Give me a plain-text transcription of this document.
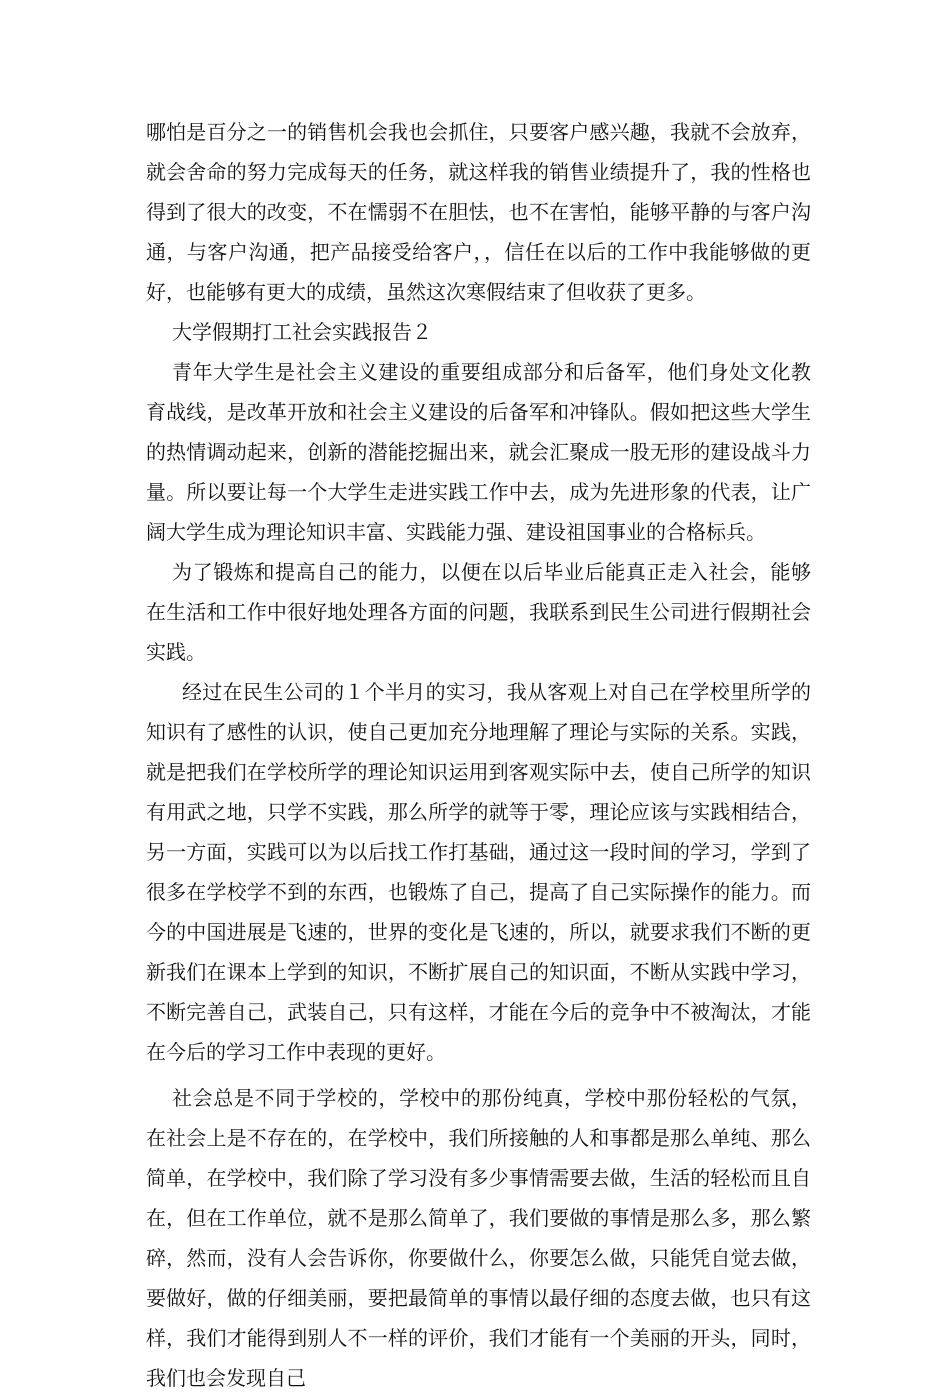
哪怕是百分之一的销售机会我也会抓住，只要客户感兴趣，我就不会放弃，就会舍命的努力完成每天的任务，就这样我的销售业绩提升了，我的性格也得到了很大的改变，不在懦弱不在胆怯，也不在害怕，能够平静的与客户沟通，与客户沟通，把产品接受给客户，，信任在以后的工作中我能够做的更好，也能够有更大的成绩，虽然这次寒假结束了但收获了更多。

大学假期打工社会实践报告２

青年大学生是社会主义建设的重要组成部分和后备军，他们身处文化教育战线，是改革开放和社会主义建设的后备军和冲锋队。假如把这些大学生的热情调动起来，创新的潜能挖掘出来，就会汇聚成一股无形的建设战斗力量。所以要让每一个大学生走进实践工作中去，成为先进形象的代表，让广阔大学生成为理论知识丰富、实践能力强、建设祖国事业的合格标兵。

为了锻炼和提高自己的能力，以便在以后毕业后能真正走入社会，能够在生活和工作中很好地处理各方面的问题，我联系到民生公司进行假期社会实践。

经过在民生公司的１个半月的实习，我从客观上对自己在学校里所学的知识有了感性的认识，使自己更加充分地理解了理论与实际的关系。实践，就是把我们在学校所学的理论知识运用到客观实际中去，使自己所学的知识有用武之地，只学不实践，那么所学的就等于零，理论应该与实践相结合，另一方面，实践可以为以后找工作打基础，通过这一段时间的学习，学到了很多在学校学不到的东西，也锻炼了自己，提高了自己实际操作的能力。而今的中国进展是飞速的，世界的变化是飞速的，所以，就要求我们不断的更新我们在课本上学到的知识，不断扩展自己的知识面，不断从实践中学习，不断完善自己，武装自己，只有这样，才能在今后的竞争中不被淘汰，才能在今后的学习工作中表现的更好。

社会总是不同于学校的，学校中的那份纯真，学校中那份轻松的气氛，在社会上是不存在的，在学校中，我们所接触的人和事都是那么单纯、那么简单，在学校中，我们除了学习没有多少事情需要去做，生活的轻松而且自在，但在工作单位，就不是那么简单了，我们要做的事情是那么多，那么繁碎，然而，没有人会告诉你，你要做什么，你要怎么做，只能凭自觉去做，要做好，做的仔细美丽，要把最简单的事情以最仔细的态度去做，也只有这样，我们才能得到别人不一样的评价，我们才能有一个美丽的开头，同时，我们也会发现自己
